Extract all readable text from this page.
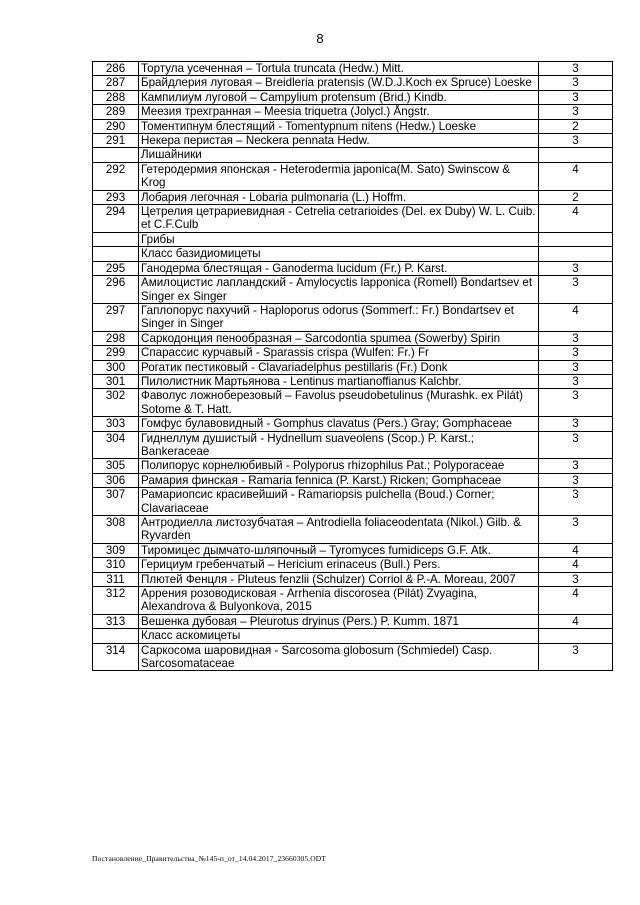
8
286	Тортула усеченная – Tortula truncata (Hedw.) Mitt.	3
287	Брайдлерия луговая – Breidleria pratensis (W.D.J.Koch ex Spruce) Loeske	3
288	Кампилиум луговой – Campylium protensum (Brid.) Kindb.	3
289	Меезия трехгранная – Meesia triquetra (Jolycl.) Ångstr.	3
290	Томентипнум блестящий - Tomentypnum nitens (Hedw.) Loeske	2
291	Некера перистая – Neckera pennata Hedw.	3
	Лишайники	
292	Гетеродермия японская - Heterodermia japonica(M. Sato) Swinscow & Krog	4
293	Лобария легочная - Lobaria pulmonaria (L.) Hoffm.	2
294	Цетрелия цетрариевидная - Cetrelia cetrarioides (Del. ex Duby) W. L. Cuib. et C.F.Culb	4
	Грибы	
	Класс базидиомицеты	
295	Ганодерма блестящая - Ganoderma lucidum (Fr.) P. Karst.	3
296	Амилоцистис лапландский - Amylocyctis lapponica (Romell) Bondartsev et Singer ex Singer	3
297	Гаплопорус пахучий - Haploporus odorus (Sommerf.: Fr.) Bondartsev et Singer in Singer	4
298	Саркодонция пенообразная – Sarcodontia spumea (Sowerby) Spirin	3
299	Спарассис курчавый - Sparassis crispa (Wulfen: Fr.) Fr	3
300	Рогатик пестиковый - Clavariadelphus pestillaris (Fr.) Donk	3
301	Пилолистник Мартьянова - Lentinus martianoffianus Kalchbr.	3
302	Фаволус ложноберезовый – Favolus pseudobetulinus (Murashk. ex Pilát) Sotome & T. Hatt.	3
303	Гомфус булавовидный - Gomphus clavatus (Pers.) Gray; Gomphaceae	3
304	Гиднеллум душистый - Hydnellum suaveolens (Scop.) P. Karst.; Bankeraceae	3
305	Полипорус корнелюбивый - Polyporus rhizophilus Pat.; Polyporaceae	3
306	Рамария финская - Ramaria fennica (P. Karst.) Ricken; Gomphaceae	3
307	Рамариопсис красивейший - Ramariopsis pulchella (Boud.) Corner; Clavariaceae	3
308	Антродиелла листозубчатая – Antrodiella foliaceodentata (Nikol.) Gilb. & Ryvarden	3
309	Тиромицес дымчато-шляпочный – Tyromyces fumidiceps G.F. Atk.	4
310	Герициум гребенчатый – Hericium erinaceus (Bull.) Pers.	4
311	Плютей Фенцля - Pluteus fenzlii (Schulzer) Corriol & P.-A. Moreau, 2007	3
312	Аррения розоводисковая - Arrhenia discorosea (Pilát) Zvyagina, Alexandrova & Bulyonkova, 2015	4
313	Вешенка дубовая – Pleurotus dryinus (Pers.) P. Kumm. 1871	4
	Класс аскомицеты	
314	Саркосома шаровидная - Sarcosoma globosum (Schmiedel) Casp. Sarcosomataceae	3
Постановление_Правительства_№145-п_от_14.04.2017_23660305.ODT
